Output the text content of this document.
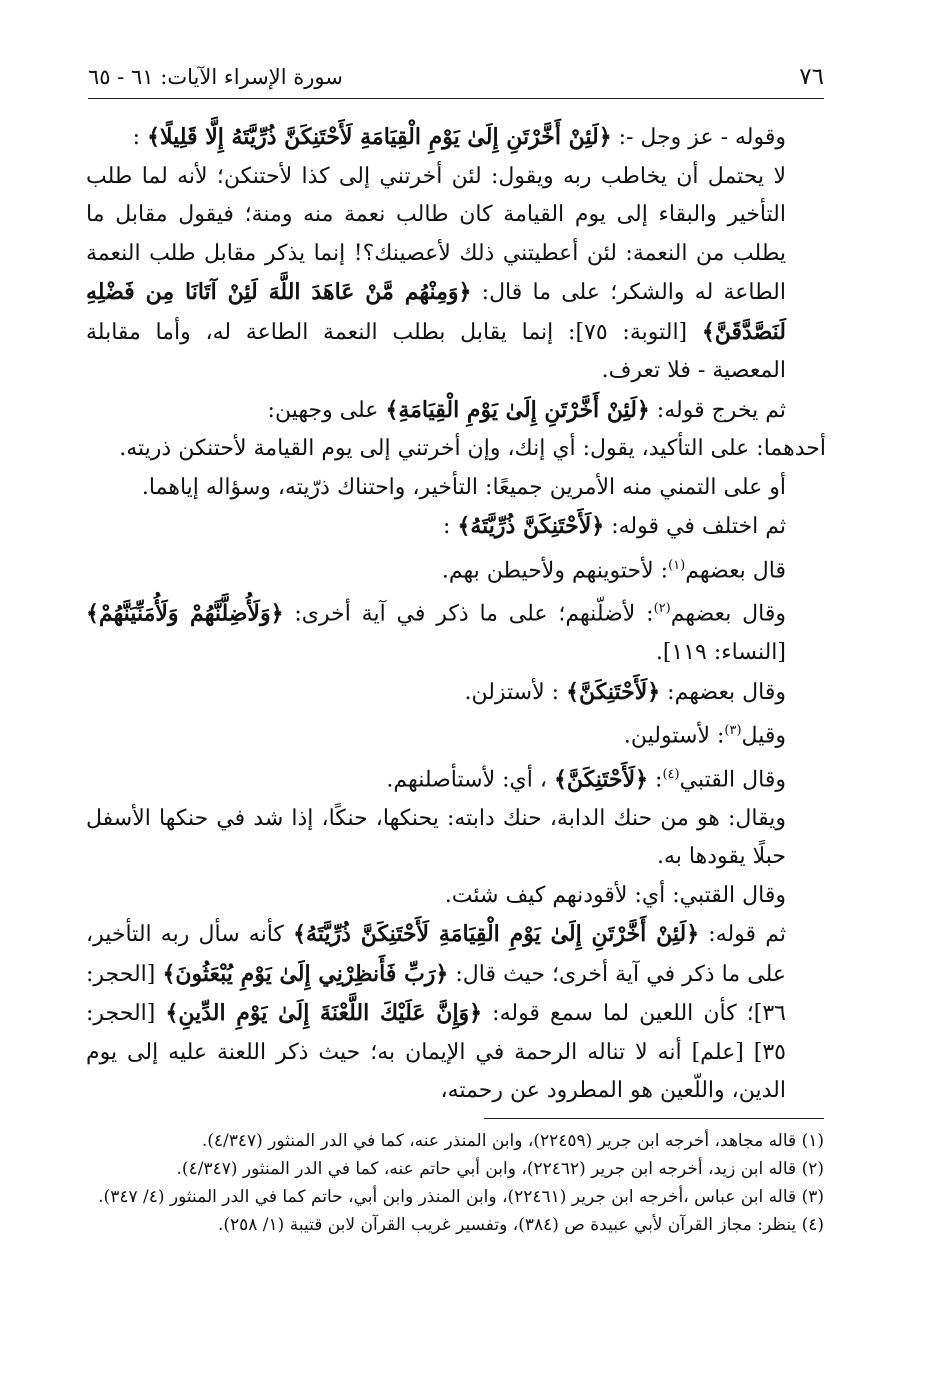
٧٦
سورة الإسراء الآيات: ٦١ - ٦٥

وقوله - عز وجل -: ﴿لَئِنْ أَخَّرْتَنِ إِلَىٰ يَوْمِ الْقِيَامَةِ لَأَحْتَنِكَنَّ ذُرِّيَّتَهُ إِلَّا قَلِيلًا﴾ :

لا يحتمل أن يخاطب ربه ويقول: لئن أخرتني إلى كذا لأحتنكن؛ لأنه لما طلب التأخير والبقاء إلى يوم القيامة كان طالب نعمة منه ومنة؛ فيقول مقابل ما يطلب من النعمة: لئن أعطيتني ذلك لأعصينك؟! إنما يذكر مقابل طلب النعمة الطاعة له والشكر؛ على ما قال: ﴿وَمِنْهُم مَّنْ عَاهَدَ اللَّهَ لَئِنْ آتَانَا مِن فَضْلِهِ لَنَصَّدَّقَنَّ﴾ [التوبة: ٧٥]: إنما يقابل بطلب النعمة الطاعة له، وأما مقابلة المعصية - فلا تعرف.

ثم يخرج قوله: ﴿لَئِنْ أَخَّرْتَنِ إِلَىٰ يَوْمِ الْقِيَامَةِ﴾ على وجهين:

أحدهما: على التأكيد، يقول: أي إنك، وإن أخرتني إلى يوم القيامة لأحتنكن ذريته.

أو على التمني منه الأمرين جميعًا: التأخير، واحتناك ذرّيته، وسؤاله إياهما.

ثم اختلف في قوله: ﴿لَأَحْتَنِكَنَّ ذُرِّيَّتَهُ﴾ :

قال بعضهم$^{(١)}$: لأحتوينهم ولأحيطن بهم.

وقال بعضهم$^{(٢)}$: لأضلّنهم؛ على ما ذكر في آية أخرى: ﴿وَلَأُضِلَّنَّهُمْ وَلَأُمَنِّيَنَّهُمْ﴾ [النساء: ١١٩].

وقال بعضهم: ﴿لَأَحْتَنِكَنَّ﴾ : لأستزلن.

وقيل$^{(٣)}$: لأستولين.

وقال القتبي$^{(٤)}$: ﴿لَأَحْتَنِكَنَّ﴾ ، أي: لأستأصلنهم.

ويقال: هو من حنك الدابة، حنك دابته: يحنكها، حنكًا، إذا شد في حنكها الأسفل حبلًا يقودها به.

وقال القتبي: أي: لأقودنهم كيف شئت.

ثم قوله: ﴿لَئِنْ أَخَّرْتَنِ إِلَىٰ يَوْمِ الْقِيَامَةِ لَأَحْتَنِكَنَّ ذُرِّيَّتَهُ﴾ كأنه سأل ربه التأخير، على ما ذكر في آية أخرى؛ حيث قال: ﴿رَبِّ فَأَنظِرْنِي إِلَىٰ يَوْمِ يُبْعَثُونَ﴾ [الحجر: ٣٦]؛ كأن اللعين لما سمع قوله: ﴿وَإِنَّ عَلَيْكَ اللَّعْنَةَ إِلَىٰ يَوْمِ الدِّينِ﴾ [الحجر: ٣٥] [علم] أنه لا تناله الرحمة في الإيمان به؛ حيث ذكر اللعنة عليه إلى يوم الدين، واللّعين هو المطرود عن رحمته،

(١) قاله مجاهد، أخرجه ابن جرير (٢٢٤٥٩)، وابن المنذر عنه، كما في الدر المنثور (٤/٣٤٧).

(٢) قاله ابن زيد، أخرجه ابن جرير (٢٢٤٦٢)، وابن أبي حاتم عنه، كما في الدر المنثور (٤/٣٤٧).

(٣) قاله ابن عباس ،أخرجه ابن جرير (٢٢٤٦١)، وابن المنذر وابن أبي، حاتم كما في الدر المنثور (٤/ ٣٤٧).

(٤) ينظر: مجاز القرآن لأبي عبيدة ص (٣٨٤)، وتفسير غريب القرآن لابن قتيبة (١/ ٢٥٨).
